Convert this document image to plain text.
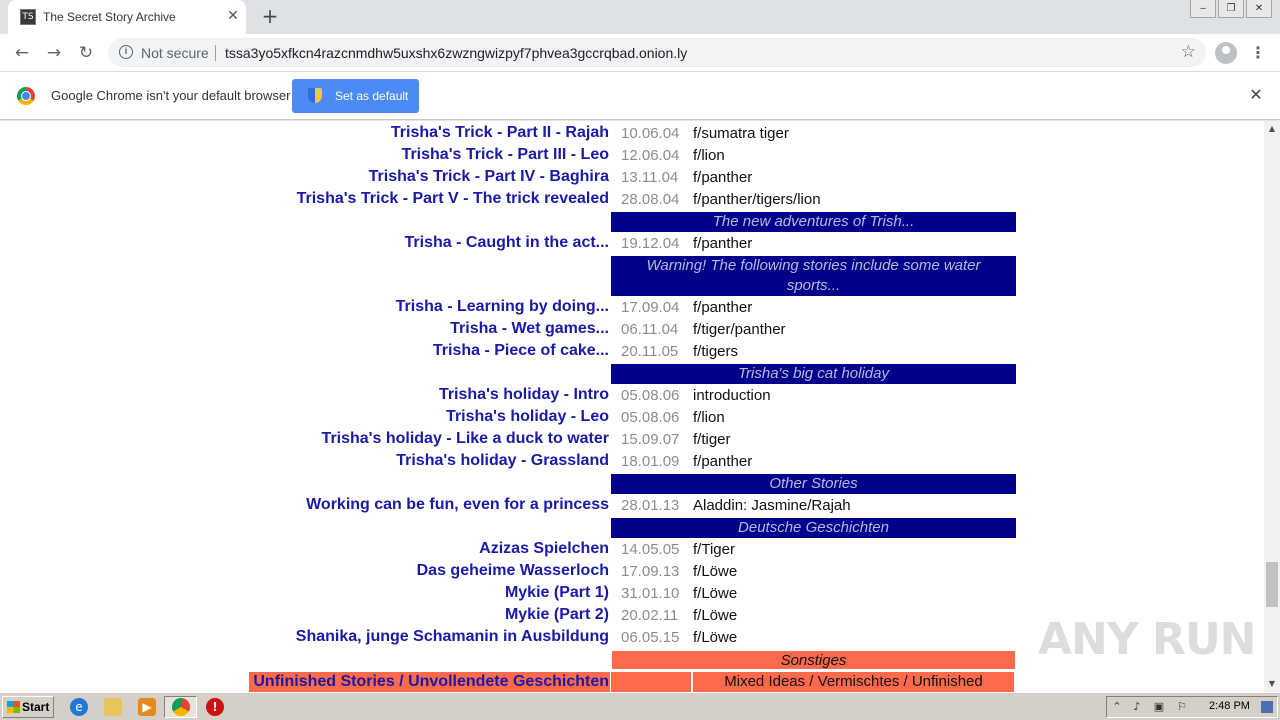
TS The Secret Story Archive	✕ +	‒	❐	✕
← → ↻	i Not secure tssa3yo5xfkcn4razcnmdhw5uxshx6zwzngwizpyf7phvea3gccrqbad.onion.ly	☆	⋮
Google Chrome isn't your default browser	Set as default	✕
Trisha's Trick - Part II - Rajah 10.06.04 f/sumatra tiger
Trisha's Trick - Part III - Leo 12.06.04 f/lion
Trisha's Trick - Part IV - Baghira 13.11.04 f/panther
Trisha's Trick - Part V - The trick revealed 28.08.04 f/panther/tigers/lion
The new adventures of Trish...
Trisha - Caught in the act... 19.12.04 f/panther
Warning! The following stories include some water
sports...
Trisha - Learning by doing... 17.09.04 f/panther
Trisha - Wet games... 06.11.04 f/tiger/panther
Trisha - Piece of cake... 20.11.05 f/tigers
Trisha's big cat holiday
Trisha's holiday - Intro 05.08.06 introduction
Trisha's holiday - Leo 05.08.06 f/lion
Trisha's holiday - Like a duck to water 15.09.07 f/tiger
Trisha's holiday - Grassland 18.01.09 f/panther
Other Stories
Working can be fun, even for a princess 28.01.13 Aladdin: Jasmine/Rajah
Deutsche Geschichten
Azizas Spielchen 14.05.05 f/Tiger
Das geheime Wasserloch 17.09.13 f/Löwe
Mykie (Part 1) 31.01.10 f/Löwe
Mykie (Part 2) 20.02.11 f/Löwe
Shanika, junge Schamanin in Ausbildung 06.05.15 f/Löwe
Sonstiges
Unfinished Stories / Unvollendete Geschichten	Mixed Ideas / Vermischtes / Unfinished
ANY RUN
▲
▼
Start	e	▶	!	⌃	♪	▣ ⚐ 2:48 PM
